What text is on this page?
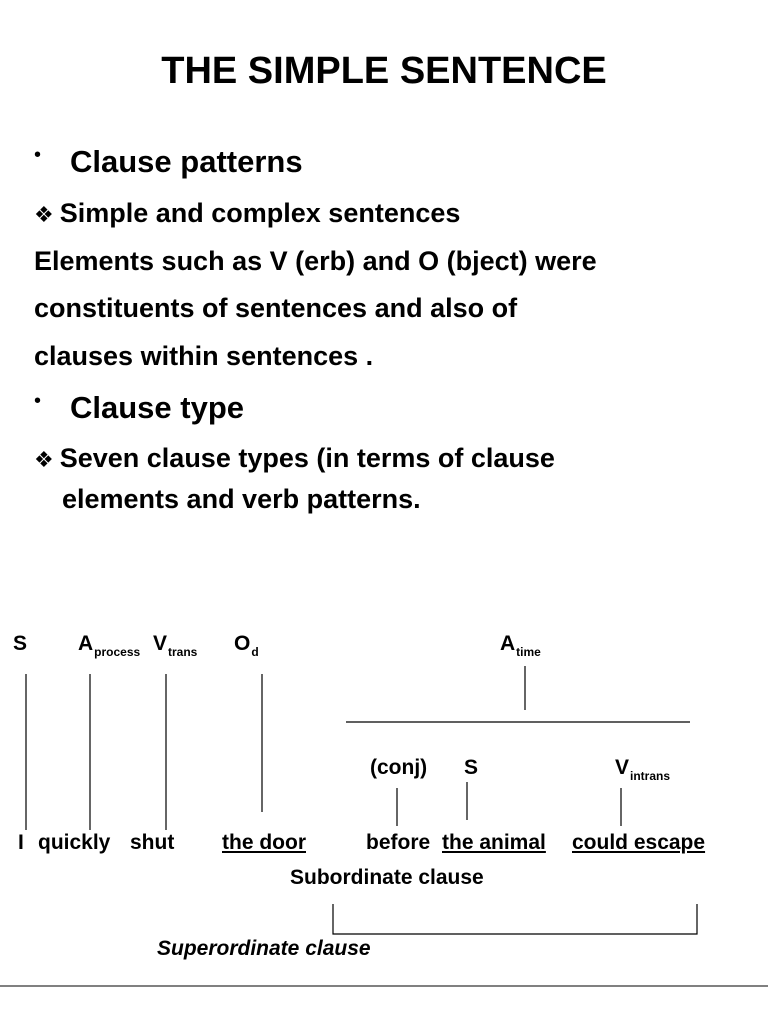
THE SIMPLE SENTENCE
• Clause patterns
❖ Simple and complex sentences
Elements such as V (erb) and O (bject) were
constituents of sentences and also of
clauses within sentences .
• Clause type
❖ Seven clause types (in terms of clause
elements and verb patterns.
S $A_{process}$ $V_{trans}$ $O_d$	$A_{time}$
(conj) S	$V_{intrans}$
I quickly shut the door	before the animal could escape
Subordinate clause
Superordinate clause
